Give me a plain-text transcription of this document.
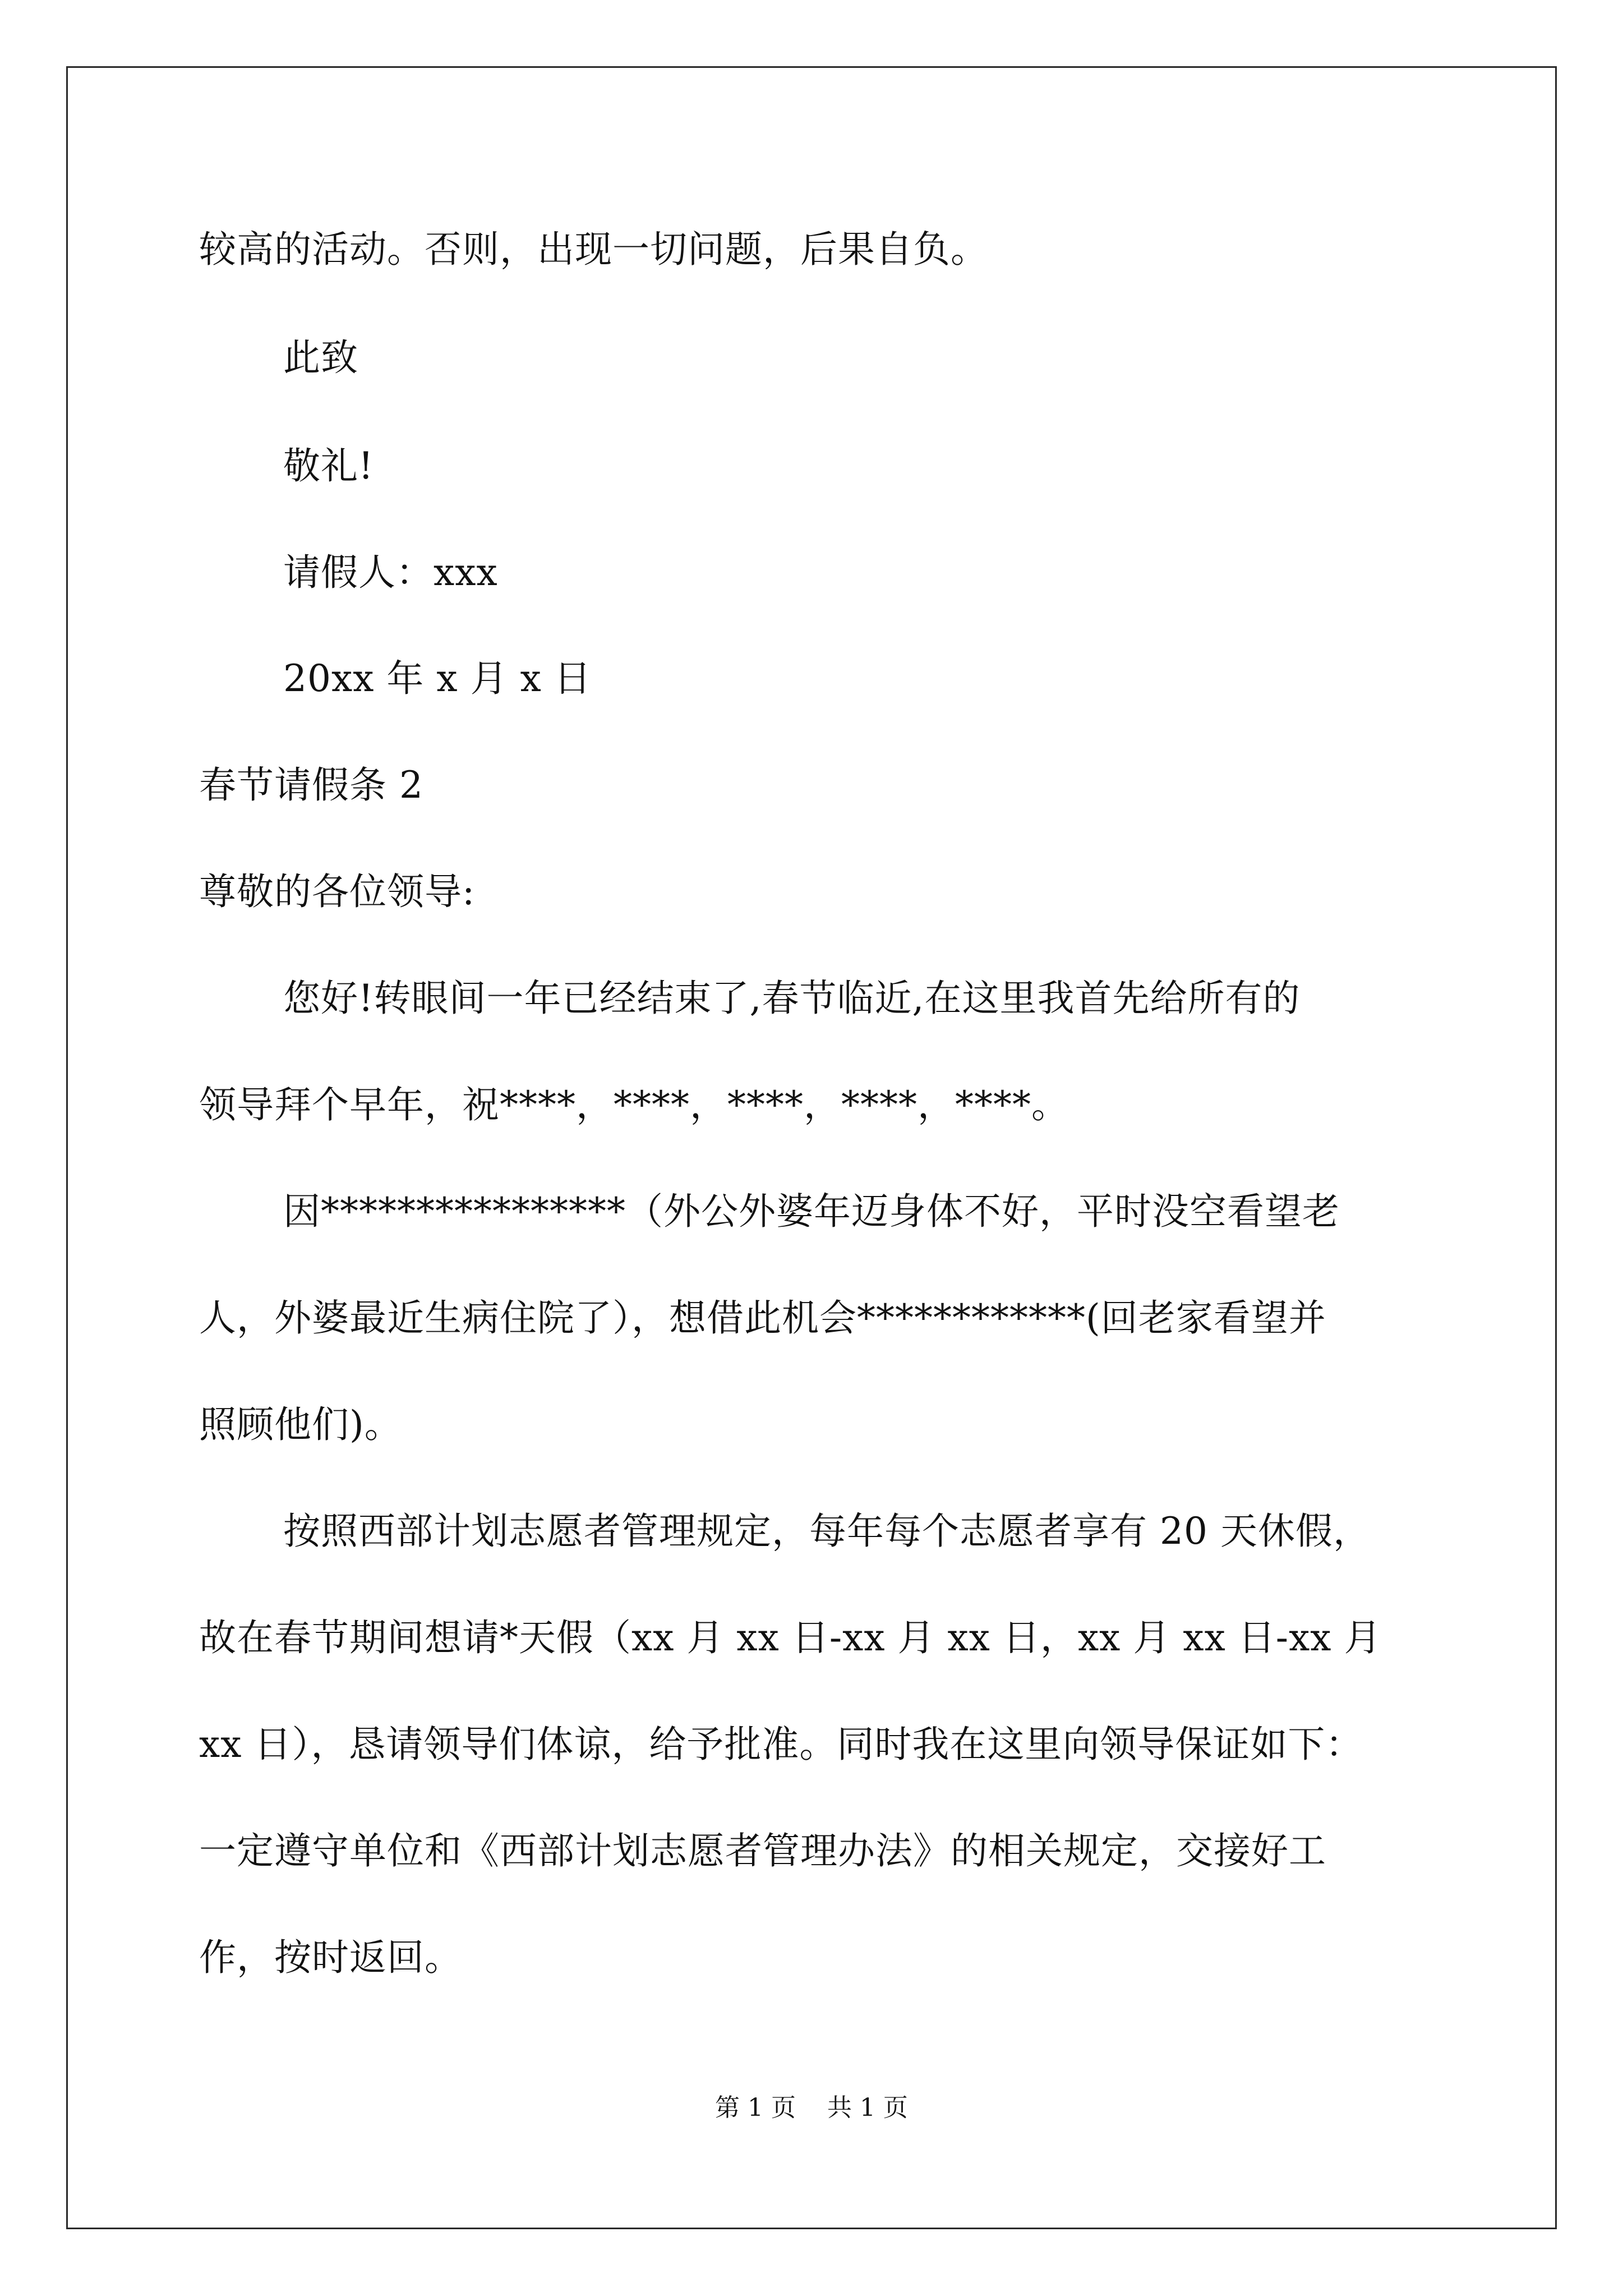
较高的活动。否则，出现一切问题，后果自负。
此致
敬礼!
请假人：xxx
20xx 年 x 月 x 日
春节请假条 2
尊敬的各位领导:
您好!转眼间一年已经结束了,春节临近,在这里我首先给所有的
领导拜个早年，祝****，****，****，****，****。
因****************（外公外婆年迈身体不好，平时没空看望老
人，外婆最近生病住院了），想借此机会************(回老家看望并
照顾他们)。
按照西部计划志愿者管理规定，每年每个志愿者享有 20 天休假，
故在春节期间想请*天假（xx 月 xx 日-xx 月 xx 日，xx 月 xx 日-xx 月
xx 日），恳请领导们体谅，给予批准。同时我在这里向领导保证如下：
一定遵守单位和《西部计划志愿者管理办法》的相关规定，交接好工
作，按时返回。
第 1 页    共 1 页
